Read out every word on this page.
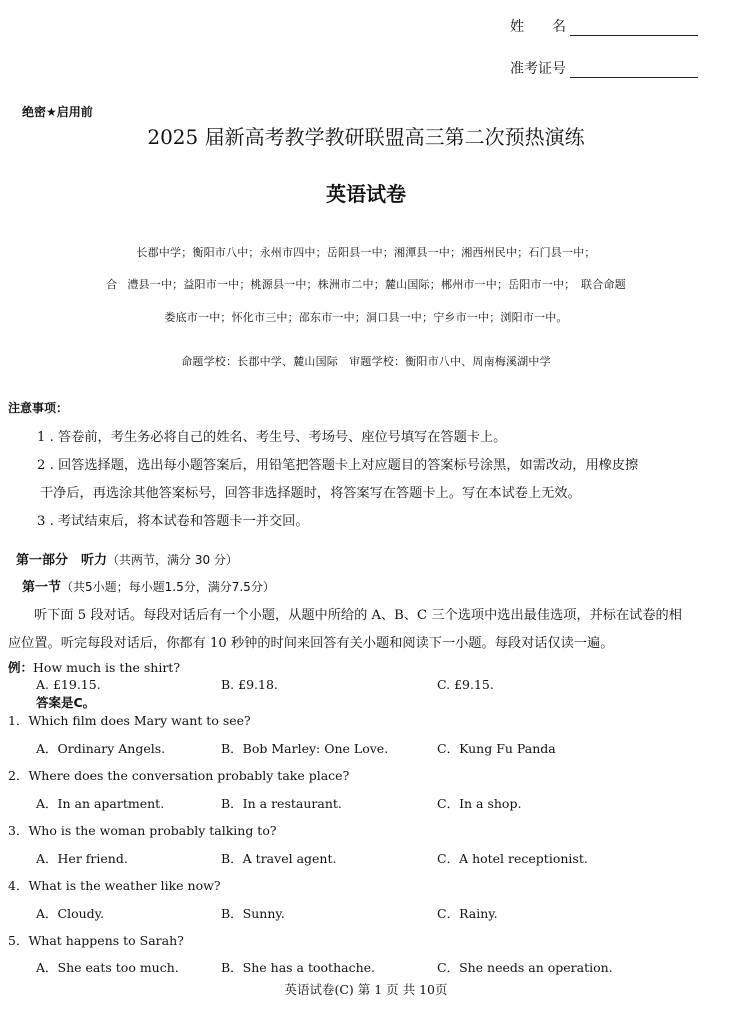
姓　　名
准考证号
绝密★启用前
2025 届新高考教学教研联盟高三第二次预热演练
英语试卷
长郡中学；衡阳市八中；永州市四中；岳阳县一中；湘潭县一中；湘西州民中；石门县一中；
合 澧县一中；益阳市一中；桃源县一中；株洲市二中；麓山国际；郴州市一中；岳阳市一中；　联合命题
娄底市一中；怀化市三中；邵东市一中；洞口县一中；宁乡市一中；浏阳市一中。
命题学校：长郡中学、麓山国际　审题学校：衡阳市八中、周南梅溪湖中学
注意事项：
1 . 答卷前，考生务必将自己的姓名、考生号、考场号、座位号填写在答题卡上。
2 . 回答选择题，选出每小题答案后，用铅笔把答题卡上对应题目的答案标号涂黑，如需改动，用橡皮擦
干净后，再选涂其他答案标号，回答非选择题时，将答案写在答题卡上。写在本试卷上无效。
3 . 考试结束后，将本试卷和答题卡一并交回。
第一部分　听力（共两节，满分 30 分）
第一节（共5小题；每小题1.5分，满分7.5分）
听下面 5 段对话。每段对话后有一个小题，从题中所给的 A、B、C 三个选项中选出最佳选项，并标在试卷的相
应位置。听完每段对话后，你都有 10 秒钟的时间来回答有关小题和阅读下一小题。每段对话仅读一遍。
例：How much is the shirt?
A. £19.15.	B. £9.18.	C. £9.15.
答案是C。
1．Which film does Mary want to see?
A．Ordinary Angels.	B．Bob Marley: One Love.	C．Kung Fu Panda
2．Where does the conversation probably take place?
A．In an apartment.	B．In a restaurant.	C．In a shop.
3．Who is the woman probably talking to?
A．Her friend.	B．A travel agent.	C．A hotel receptionist.
4．What is the weather like now?
A．Cloudy.	B．Sunny.	C．Rainy.
5．What happens to Sarah?
A．She eats too much.	B．She has a toothache.	C．She needs an operation.
英语试卷(C) 第 1 页 共 10页
